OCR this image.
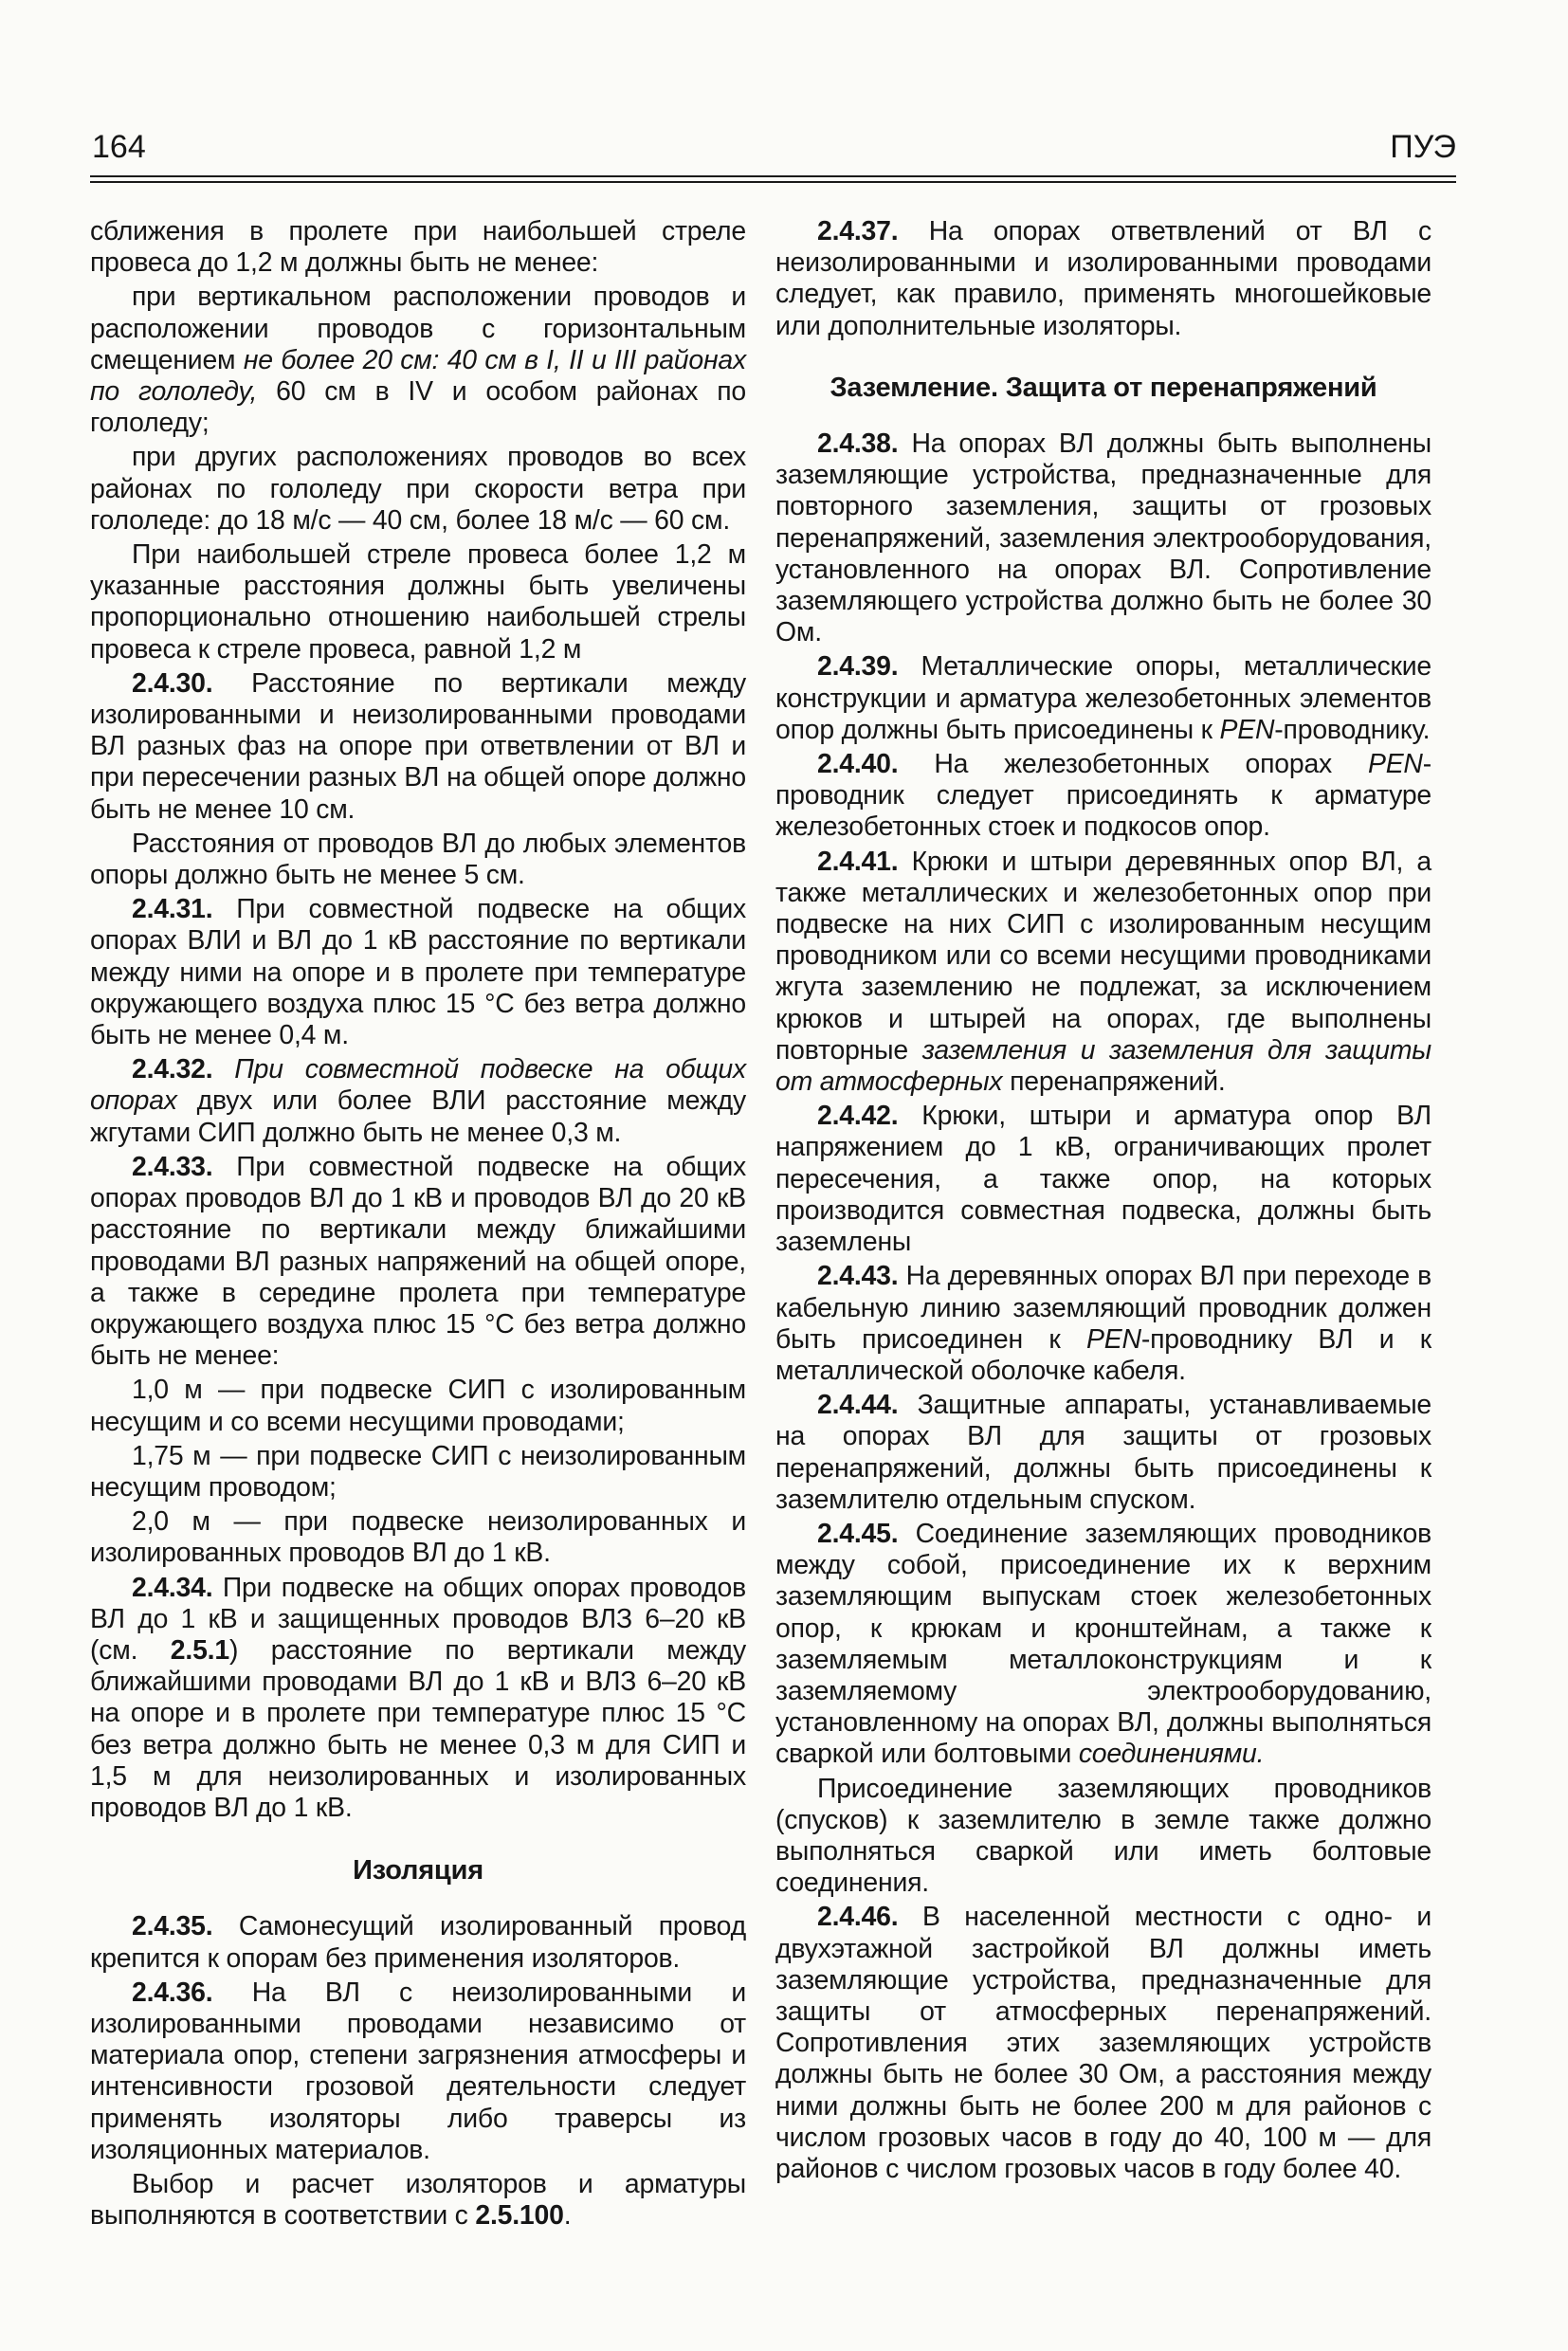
164	ПУЭ

сближения в пролете при наибольшей стреле провеса до 1,2 м должны быть не менее:

при вертикальном расположении проводов и расположении проводов с горизонтальным смещением не более 20 см: 40 см в I, II и III районах по гололеду, 60 см в IV и особом районах по гололеду;

при других расположениях проводов во всех районах по гололеду при скорости ветра при гололеде: до 18 м/с — 40 см, более 18 м/с — 60 см.

При наибольшей стреле провеса более 1,2 м указанные расстояния должны быть увеличены пропорционально отношению наибольшей стрелы провеса к стреле провеса, равной 1,2 м

2.4.30. Расстояние по вертикали между изолированными и неизолированными проводами ВЛ разных фаз на опоре при ответвлении от ВЛ и при пересечении разных ВЛ на общей опоре должно быть не менее 10 см.

Расстояния от проводов ВЛ до любых элементов опоры должно быть не менее 5 см.

2.4.31. При совместной подвеске на общих опорах ВЛИ и ВЛ до 1 кВ расстояние по вертикали между ними на опоре и в пролете при температуре окружающего воздуха плюс 15 °С без ветра должно быть не менее 0,4 м.

2.4.32. При совместной подвеске на общих опорах двух или более ВЛИ расстояние между жгутами СИП должно быть не менее 0,3 м.

2.4.33. При совместной подвеске на общих опорах проводов ВЛ до 1 кВ и проводов ВЛ до 20 кВ расстояние по вертикали между ближайшими проводами ВЛ разных напряжений на общей опоре, а также в середине пролета при температуре окружающего воздуха плюс 15 °С без ветра должно быть не менее:

1,0 м — при подвеске СИП с изолированным несущим и со всеми несущими проводами;

1,75 м — при подвеске СИП с неизолированным несущим проводом;

2,0 м — при подвеске неизолированных и изолированных проводов ВЛ до 1 кВ.

2.4.34. При подвеске на общих опорах проводов ВЛ до 1 кВ и защищенных проводов ВЛЗ 6–20 кВ (см. 2.5.1) расстояние по вертикали между ближайшими проводами ВЛ до 1 кВ и ВЛЗ 6–20 кВ на опоре и в пролете при температуре плюс 15 °С без ветра должно быть не менее 0,3 м для СИП и 1,5 м для неизолированных и изолированных проводов ВЛ до 1 кВ.

Изоляция

2.4.35. Самонесущий изолированный провод крепится к опорам без применения изоляторов.

2.4.36. На ВЛ с неизолированными и изолированными проводами независимо от материала опор, степени загрязнения атмосферы и интенсивности грозовой деятельности следует применять изоляторы либо траверсы из изоляционных материалов.

Выбор и расчет изоляторов и арматуры выполняются в соответствии с 2.5.100.

2.4.37. На опорах ответвлений от ВЛ с неизолированными и изолированными проводами следует, как правило, применять многошейковые или дополнительные изоляторы.

Заземление. Защита от перенапряжений

2.4.38. На опорах ВЛ должны быть выполнены заземляющие устройства, предназначенные для повторного заземления, защиты от грозовых перенапряжений, заземления электрооборудования, установленного на опорах ВЛ. Сопротивление заземляющего устройства должно быть не более 30 Ом.

2.4.39. Металлические опоры, металлические конструкции и арматура железобетонных элементов опор должны быть присоединены к PEN-проводнику.

2.4.40. На железобетонных опорах PEN-проводник следует присоединять к арматуре железобетонных стоек и подкосов опор.

2.4.41. Крюки и штыри деревянных опор ВЛ, а также металлических и железобетонных опор при подвеске на них СИП с изолированным несущим проводником или со всеми несущими проводниками жгута заземлению не подлежат, за исключением крюков и штырей на опорах, где выполнены повторные заземления и заземления для защиты от атмосферных перенапряжений.

2.4.42. Крюки, штыри и арматура опор ВЛ напряжением до 1 кВ, ограничивающих пролет пересечения, а также опор, на которых производится совместная подвеска, должны быть заземлены

2.4.43. На деревянных опорах ВЛ при переходе в кабельную линию заземляющий проводник должен быть присоединен к PEN-проводнику ВЛ и к металлической оболочке кабеля.

2.4.44. Защитные аппараты, устанавливаемые на опорах ВЛ для защиты от грозовых перенапряжений, должны быть присоединены к заземлителю отдельным спуском.

2.4.45. Соединение заземляющих проводников между собой, присоединение их к верхним заземляющим выпускам стоек железобетонных опор, к крюкам и кронштейнам, а также к заземляемым металлоконструкциям и к заземляемому электрооборудованию, установленному на опорах ВЛ, должны выполняться сваркой или болтовыми соединениями.

Присоединение заземляющих проводников (спусков) к заземлителю в земле также должно выполняться сваркой или иметь болтовые соединения.

2.4.46. В населенной местности с одно- и двухэтажной застройкой ВЛ должны иметь заземляющие устройства, предназначенные для защиты от атмосферных перенапряжений. Сопротивления этих заземляющих устройств должны быть не более 30 Ом, а расстояния между ними должны быть не более 200 м для районов с числом грозовых часов в году до 40, 100 м — для районов с числом грозовых часов в году более 40.
